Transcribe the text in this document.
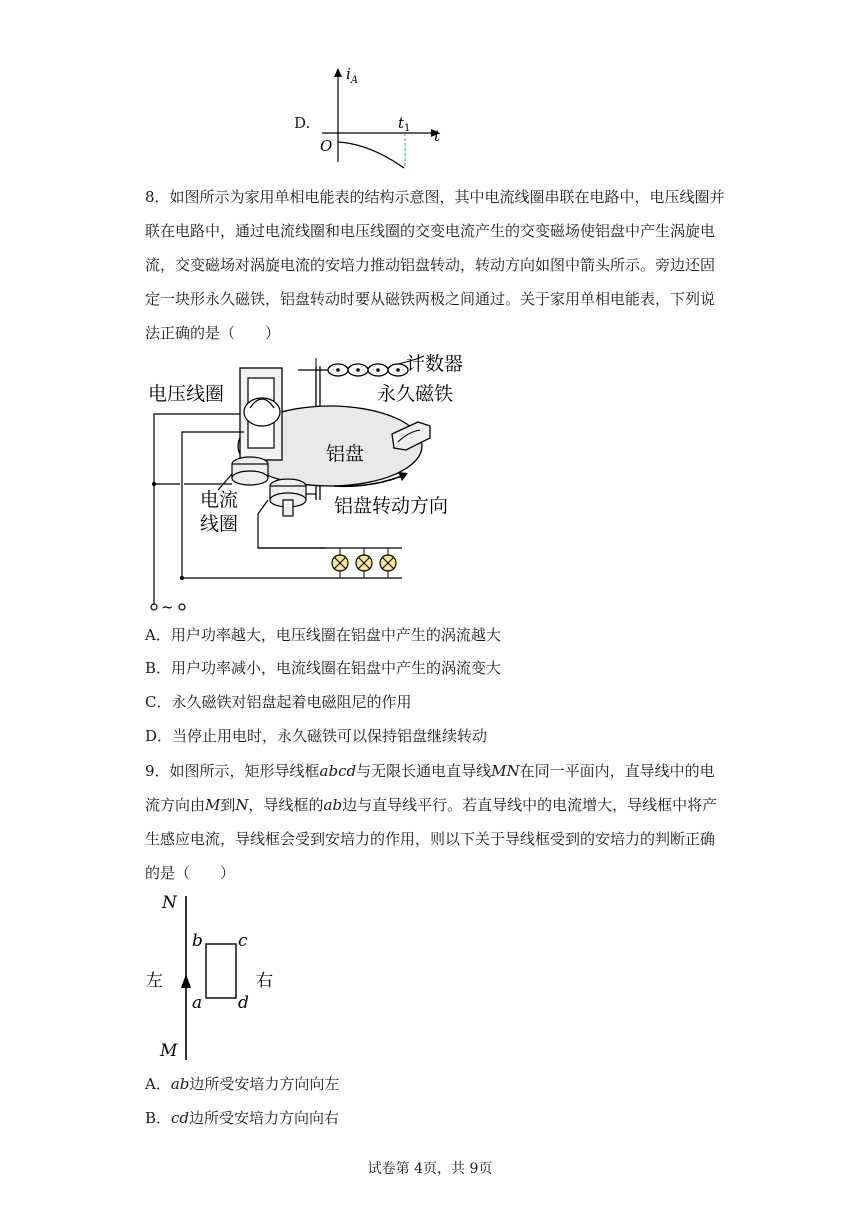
D.
$i_A$
O
$t_1$ t
8．如图所示为家用单相电能表的结构示意图，其中电流线圈串联在电路中，电压线圈并联在电路中，通过电流线圈和电压线圈的交变电流产生的交变磁场使铝盘中产生涡旋电流，交变磁场对涡旋电流的安培力推动铝盘转动，转动方向如图中箭头所示。旁边还固定一块形永久磁铁，铝盘转动时要从磁铁两极之间通过。关于家用单相电能表，下列说法正确的是（　　）
计数器
铝盘
电压线圈	永久磁铁
电流
线圈
铝盘转动方向
~
A．用户功率越大，电压线圈在铝盘中产生的涡流越大
B．用户功率减小，电流线圈在铝盘中产生的涡流变大
C．永久磁铁对铝盘起着电磁阻尼的作用
D．当停止用电时，永久磁铁可以保持铝盘继续转动
9．如图所示，矩形导线框abcd与无限长通电直导线MN在同一平面内，直导线中的电流方向由M到N，导线框的ab边与直导线平行。若直导线中的电流增大，导线框中将产生感应电流，导线框会受到安培力的作用，则以下关于导线框受到的安培力的判断正确的是（　　）
N
M
b c
a d
左	右
A．ab边所受安培力方向向左
B．cd边所受安培力方向向右
试卷第 4页，共 9页
